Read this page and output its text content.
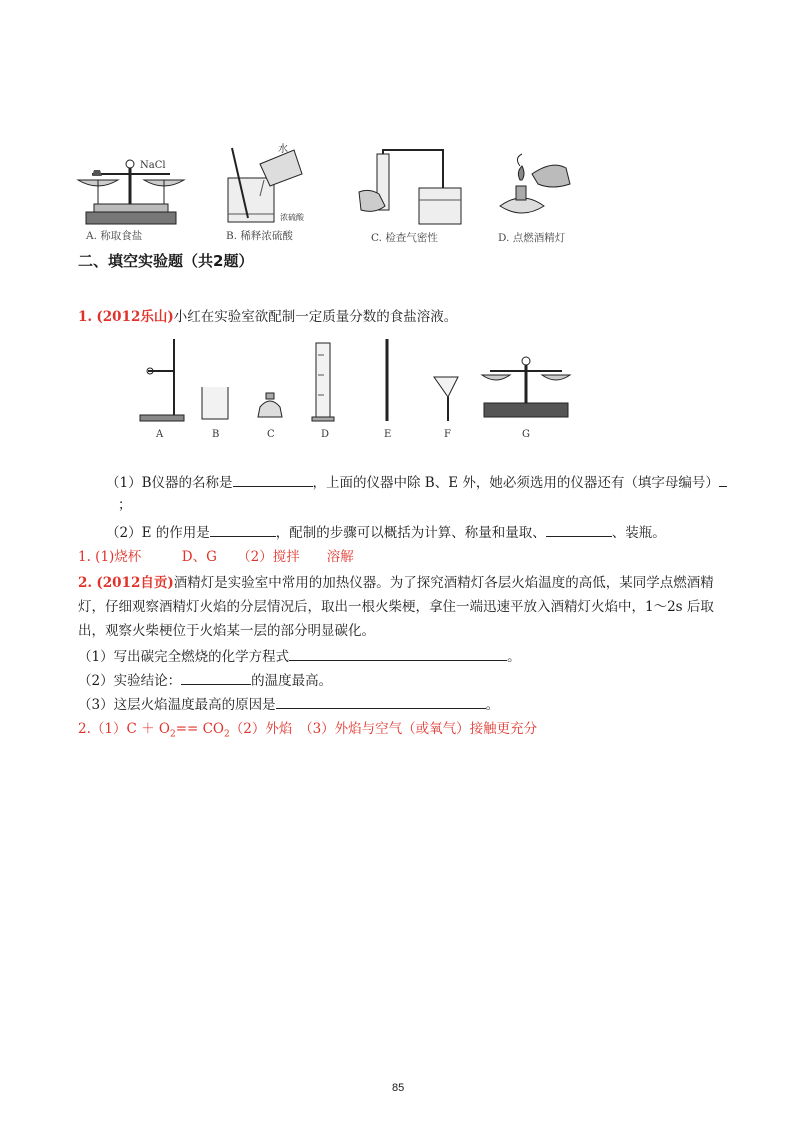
NaCl
A. 称取食盐
水
浓硫酸
B. 稀释浓硫酸	C. 检查气密性	D. 点燃酒精灯
二、填空实验题（共2题）
1. (2012乐山)小红在实验室欲配制一定质量分数的食盐溶液。
A	B	C	D	E	F	G
（1）B仪器的名称是	，上面的仪器中除 B、E 外，她必须选用的仪器还有（填字母编号）
；
（2）E 的作用是	，配制的步骤可以概括为计算、称量和量取、	、装瓶。
1. (1)烧杯　　　D、G　　（2）搅拌　　溶解
2. (2012自贡)酒精灯是实验室中常用的加热仪器。为了探究酒精灯各层火焰温度的高低，某同学点燃酒精
灯，仔细观察酒精灯火焰的分层情况后，取出一根火柴梗，拿住一端迅速平放入酒精灯火焰中，1～2s 后取
出，观察火柴梗位于火焰某一层的部分明显碳化。
（1）写出碳完全燃烧的化学方程式	。
（2）实验结论：	的温度最高。
（3）这层火焰温度最高的原因是	。
$2.(1)C + O_2== CO_2(2)$外焰　（3）外焰与空气（或氧气）接触更充分
85
